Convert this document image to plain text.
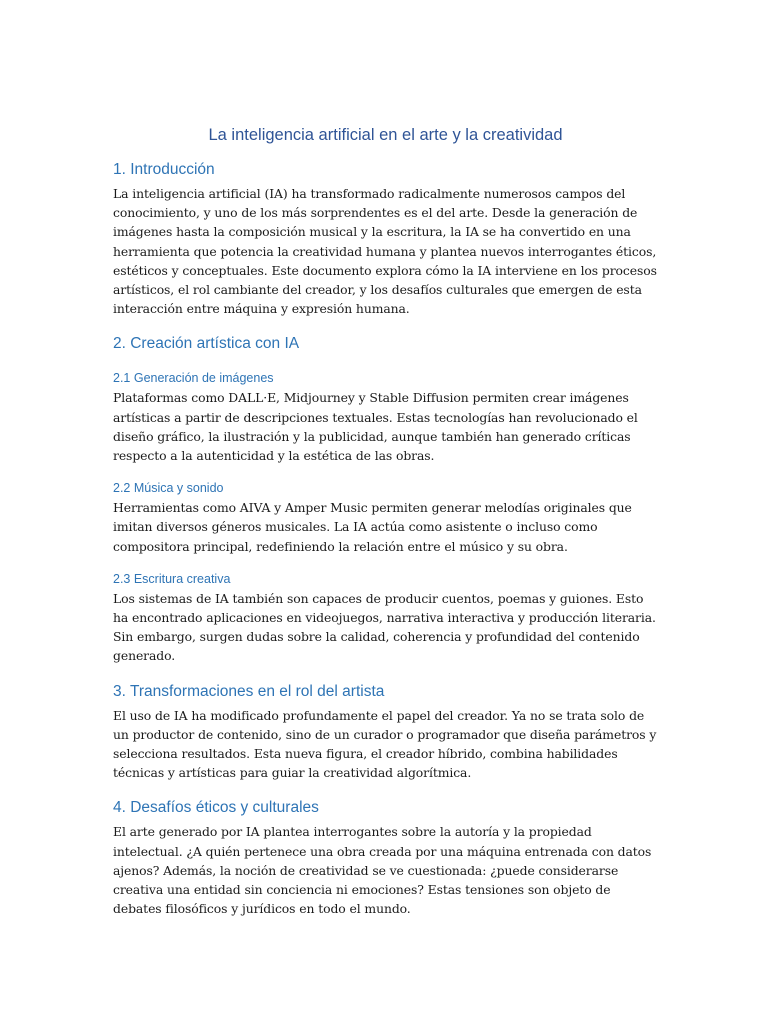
La inteligencia artificial en el arte y la creatividad
1. Introducción

La inteligencia artificial (IA) ha transformado radicalmente numerosos campos del conocimiento, y uno de los más sorprendentes es el del arte. Desde la generación de imágenes hasta la composición musical y la escritura, la IA se ha convertido en una herramienta que potencia la creatividad humana y plantea nuevos interrogantes éticos, estéticos y conceptuales. Este documento explora cómo la IA interviene en los procesos artísticos, el rol cambiante del creador, y los desafíos culturales que emergen de esta interacción entre máquina y expresión humana.

2. Creación artística con IA
2.1 Generación de imágenes

Plataformas como DALL·E, Midjourney y Stable Diffusion permiten crear imágenes artísticas a partir de descripciones textuales. Estas tecnologías han revolucionado el diseño gráfico, la ilustración y la publicidad, aunque también han generado críticas respecto a la autenticidad y la estética de las obras.

2.2 Música y sonido

Herramientas como AIVA y Amper Music permiten generar melodías originales que imitan diversos géneros musicales. La IA actúa como asistente o incluso como compositora principal, redefiniendo la relación entre el músico y su obra.

2.3 Escritura creativa

Los sistemas de IA también son capaces de producir cuentos, poemas y guiones. Esto ha encontrado aplicaciones en videojuegos, narrativa interactiva y producción literaria. Sin embargo, surgen dudas sobre la calidad, coherencia y profundidad del contenido generado.

3. Transformaciones en el rol del artista

El uso de IA ha modificado profundamente el papel del creador. Ya no se trata solo de un productor de contenido, sino de un curador o programador que diseña parámetros y selecciona resultados. Esta nueva figura, el creador híbrido, combina habilidades técnicas y artísticas para guiar la creatividad algorítmica.

4. Desafíos éticos y culturales

El arte generado por IA plantea interrogantes sobre la autoría y la propiedad intelectual. ¿A quién pertenece una obra creada por una máquina entrenada con datos ajenos? Además, la noción de creatividad se ve cuestionada: ¿puede considerarse creativa una entidad sin conciencia ni emociones? Estas tensiones son objeto de debates filosóficos y jurídicos en todo el mundo.
